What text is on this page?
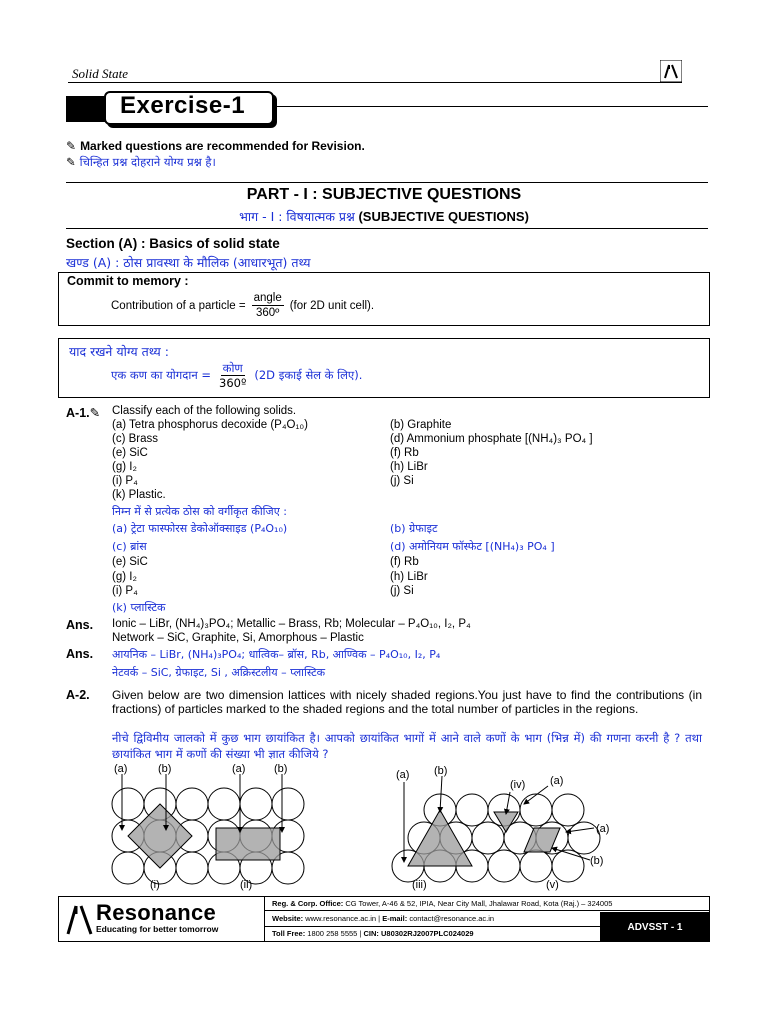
Solid State
Exercise-1
✎ Marked questions are recommended for Revision.
✎ चिन्हित प्रश्न दोहराने योग्य प्रश्न है।
PART - I : SUBJECTIVE QUESTIONS
भाग - I : विषयात्मक प्रश्न (SUBJECTIVE QUESTIONS)
Section (A) : Basics of solid state
खण्ड (A) : ठोस प्रावस्था के मौलिक (आधारभूत) तथ्य
Commit to memory :
Contribution of a particle = $\frac{\text{angle}}{\text{360º}} (for$ 2D unit cell).
याद रखने योग्य तथ्य :
एक कण का योगदान = $\frac{\text{कोण}}{\text{360º}} (2D$ इकाई सेल के लिए).
A-1.✎ Classify each of the following solids.
(a) Tetra phosphorus decoxide (P₄O₁₀)	(b) Graphite
(c) Brass	(d) Ammonium phosphate [(NH₄)₃ PO₄ ]
(e) SiC	(f) Rb
(g) I₂	(h) LiBr
(i) P₄	(j) Si
(k) Plastic.
निम्न में से प्रत्येक ठोस को वर्गीकृत कीजिए :
(a) ट्रेटा फास्फोरस डेकोऑक्साइड (P₄O₁₀)	(b) ग्रेफाइट
(c) ब्रांस	(d) अमोनियम फॉस्फेट [(NH₄)₃ PO₄ ]
(e) SiC	(f) Rb
(g) I₂	(h) LiBr
(i) P₄	(j) Si
(k) प्लास्टिक
Ans. Ionic – LiBr, (NH₄)₃PO₄; Metallic – Brass, Rb; Molecular – P₄O₁₀, I₂, P₄
Network – SiC, Graphite, Si, Amorphous – Plastic
Ans. आयनिक – LiBr, (NH₄)₃PO₄; धात्विक– ब्रॉस, Rb, आण्विक – P₄O₁₀, I₂, P₄
नेटवर्क – SiC, ग्रेफाइट, Si , अक्रिस्टलीय – प्लास्टिक
A-2. Given below are two dimension lattices with nicely shaded regions.You just have to find the contributions (in fractions) of particles marked to the shaded regions and the total number of particles in the regions.
नीचे द्विविमीय जालको में कुछ भाग छायांकित है। आपको छायांकित भागों में आने वाले कणों के भाग (भिन्न में) की गणना करनी है ? तथा छायांकित भाग में कणों की संख्या भी ज्ञात कीजिये ?
(a)	(b)	(a)	(b)	(a) (b)
(iv) (a)
(a)
(b)
(i)	(ii)	(iii)	(v)
Resonance
Educating for better tomorrow
Reg. & Corp. Office: CG Tower, A-46 & 52, IPIA, Near City Mall, Jhalawar Road, Kota (Raj.) – 324005
Website: www.resonance.ac.in | E-mail: contact@resonance.ac.in
Toll Free: 1800 258 5555 | CIN: U80302RJ2007PLC024029
ADVSST - 1
